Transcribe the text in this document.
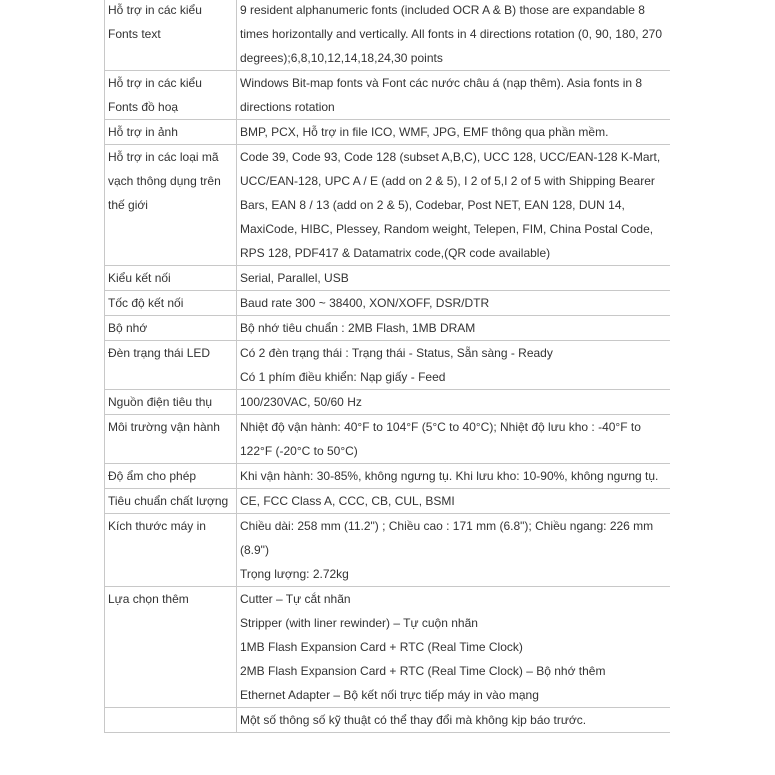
Hỗ trợ in các kiểu Fonts text	9 resident alphanumeric fonts (included OCR A & B) those are expandable 8 times horizontally and vertically. All fonts in 4 directions rotation (0, 90, 180, 270 degrees);6,8,10,12,14,18,24,30 points

Hỗ trợ in các kiểu Fonts đồ hoạ	Windows Bit-map fonts và Font các nước châu á (nạp thêm). Asia fonts in 8 directions rotation

Hỗ trợ in ảnh	BMP, PCX, Hỗ trợ in file ICO, WMF, JPG, EMF thông qua phần mềm.

Hỗ trợ in các loại mã vạch thông dụng trên thế giới	Code 39, Code 93, Code 128 (subset A,B,C), UCC 128, UCC/EAN-128 K-Mart, UCC/EAN-128, UPC A / E (add on 2 & 5), I 2 of 5,I 2 of 5 with Shipping Bearer Bars, EAN 8 / 13 (add on 2 & 5), Codebar, Post NET, EAN 128, DUN 14, MaxiCode, HIBC, Plessey, Random weight, Telepen, FIM, China Postal Code, RPS 128, PDF417 & Datamatrix code,(QR code available)

Kiểu kết nối	Serial, Parallel, USB

Tốc độ kết nối	Baud rate 300 ~ 38400, XON/XOFF, DSR/DTR

Bộ nhớ	Bộ nhớ tiêu chuẩn : 2MB Flash, 1MB DRAM

Đèn trạng thái LED	Có 2 đèn trạng thái : Trạng thái - Status, Sẵn sàng - Ready
Có 1 phím điều khiển: Nạp giấy - Feed

Nguồn điện tiêu thụ	100/230VAC, 50/60 Hz

Môi trường vận hành	Nhiệt độ vận hành: 40°F to 104°F (5°C to 40°C); Nhiệt độ lưu kho : -40°F to 122°F (-20°C to 50°C)

Độ ẩm cho phép	Khi vận hành: 30-85%, không ngưng tụ. Khi lưu kho: 10-90%, không ngưng tụ.

Tiêu chuẩn chất lượng	CE, FCC Class A, CCC, CB, CUL, BSMI

Kích thước máy in	Chiều dài: 258 mm (11.2") ; Chiều cao : 171 mm (6.8"); Chiều ngang: 226 mm (8.9")
Trọng lượng: 2.72kg

Lựa chọn thêm	Cutter – Tự cắt nhãn
Stripper (with liner rewinder) – Tự cuộn nhãn
1MB Flash Expansion Card + RTC (Real Time Clock)
2MB Flash Expansion Card + RTC (Real Time Clock) – Bộ nhớ thêm
Ethernet Adapter – Bộ kết nối trực tiếp máy in vào mạng

	Một số thông số kỹ thuật có thể thay đổi mà không kịp báo trước.
